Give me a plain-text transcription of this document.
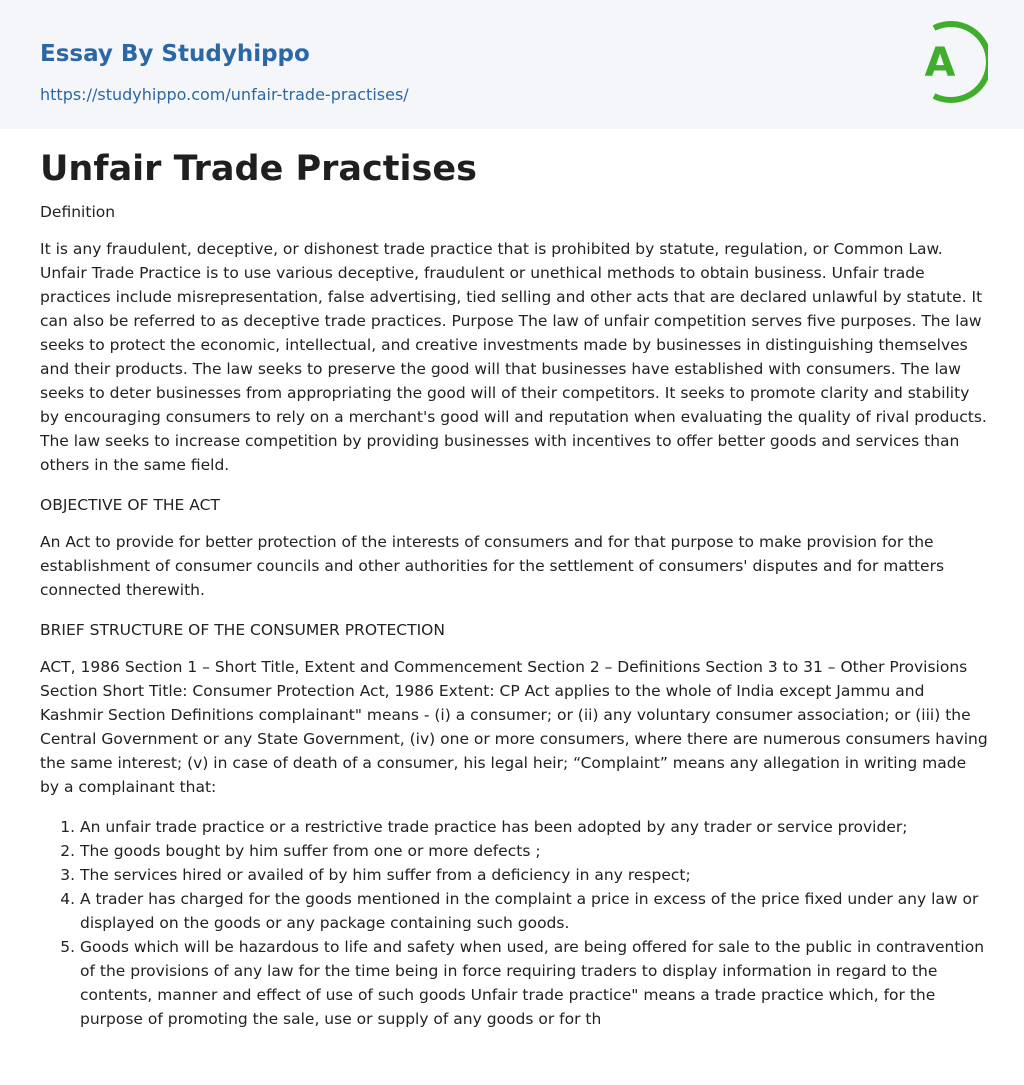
Essay By Studyhippo
https://studyhippo.com/unfair-trade-practises/
A
Unfair Trade Practises

Definition

It is any fraudulent, deceptive, or dishonest trade practice that is prohibited by statute, regulation, or Common Law. Unfair Trade Practice is to use various deceptive, fraudulent or unethical methods to obtain business. Unfair trade practices include misrepresentation, false advertising, tied selling and other acts that are declared unlawful by statute. It can also be referred to as deceptive trade practices. Purpose The law of unfair competition serves five purposes. The law seeks to protect the economic, intellectual, and creative investments made by businesses in distinguishing themselves and their products. The law seeks to preserve the good will that businesses have established with consumers. The law seeks to deter businesses from appropriating the good will of their competitors. It seeks to promote clarity and stability by encouraging consumers to rely on a merchant's good will and reputation when evaluating the quality of rival products. The law seeks to increase competition by providing businesses with incentives to offer better goods and services than others in the same field.

OBJECTIVE OF THE ACT

An Act to provide for better protection of the interests of consumers and for that purpose to make provision for the establishment of consumer councils and other authorities for the settlement of consumers' disputes and for matters connected therewith.

BRIEF STRUCTURE OF THE CONSUMER PROTECTION

ACT, 1986 Section 1 – Short Title, Extent and Commencement Section 2 – Definitions Section 3 to 31 – Other Provisions Section Short Title: Consumer Protection Act, 1986 Extent: CP Act applies to the whole of India except Jammu and Kashmir Section Definitions complainant" means - (i) a consumer; or (ii) any voluntary consumer association; or (iii) the Central Government or any State Government, (iv) one or more consumers, where there are numerous consumers having the same interest; (v) in case of death of a consumer, his legal heir; “Complaint” means any allegation in writing made by a complainant that:

1. An unfair trade practice or a restrictive trade practice has been adopted by any trader or service provider;
2. The goods bought by him suffer from one or more defects ;
3. The services hired or availed of by him suffer from a deficiency in any respect;
4. A trader has charged for the goods mentioned in the complaint a price in excess of the price fixed under any law or displayed on the goods or any package containing such goods.
5. Goods which will be hazardous to life and safety when used, are being offered for sale to the public in contravention of the provisions of any law for the time being in force requiring traders to display information in regard to the contents, manner and effect of use of such goods Unfair trade practice" means a trade practice which, for the purpose of promoting the sale, use or supply of any goods or for th
